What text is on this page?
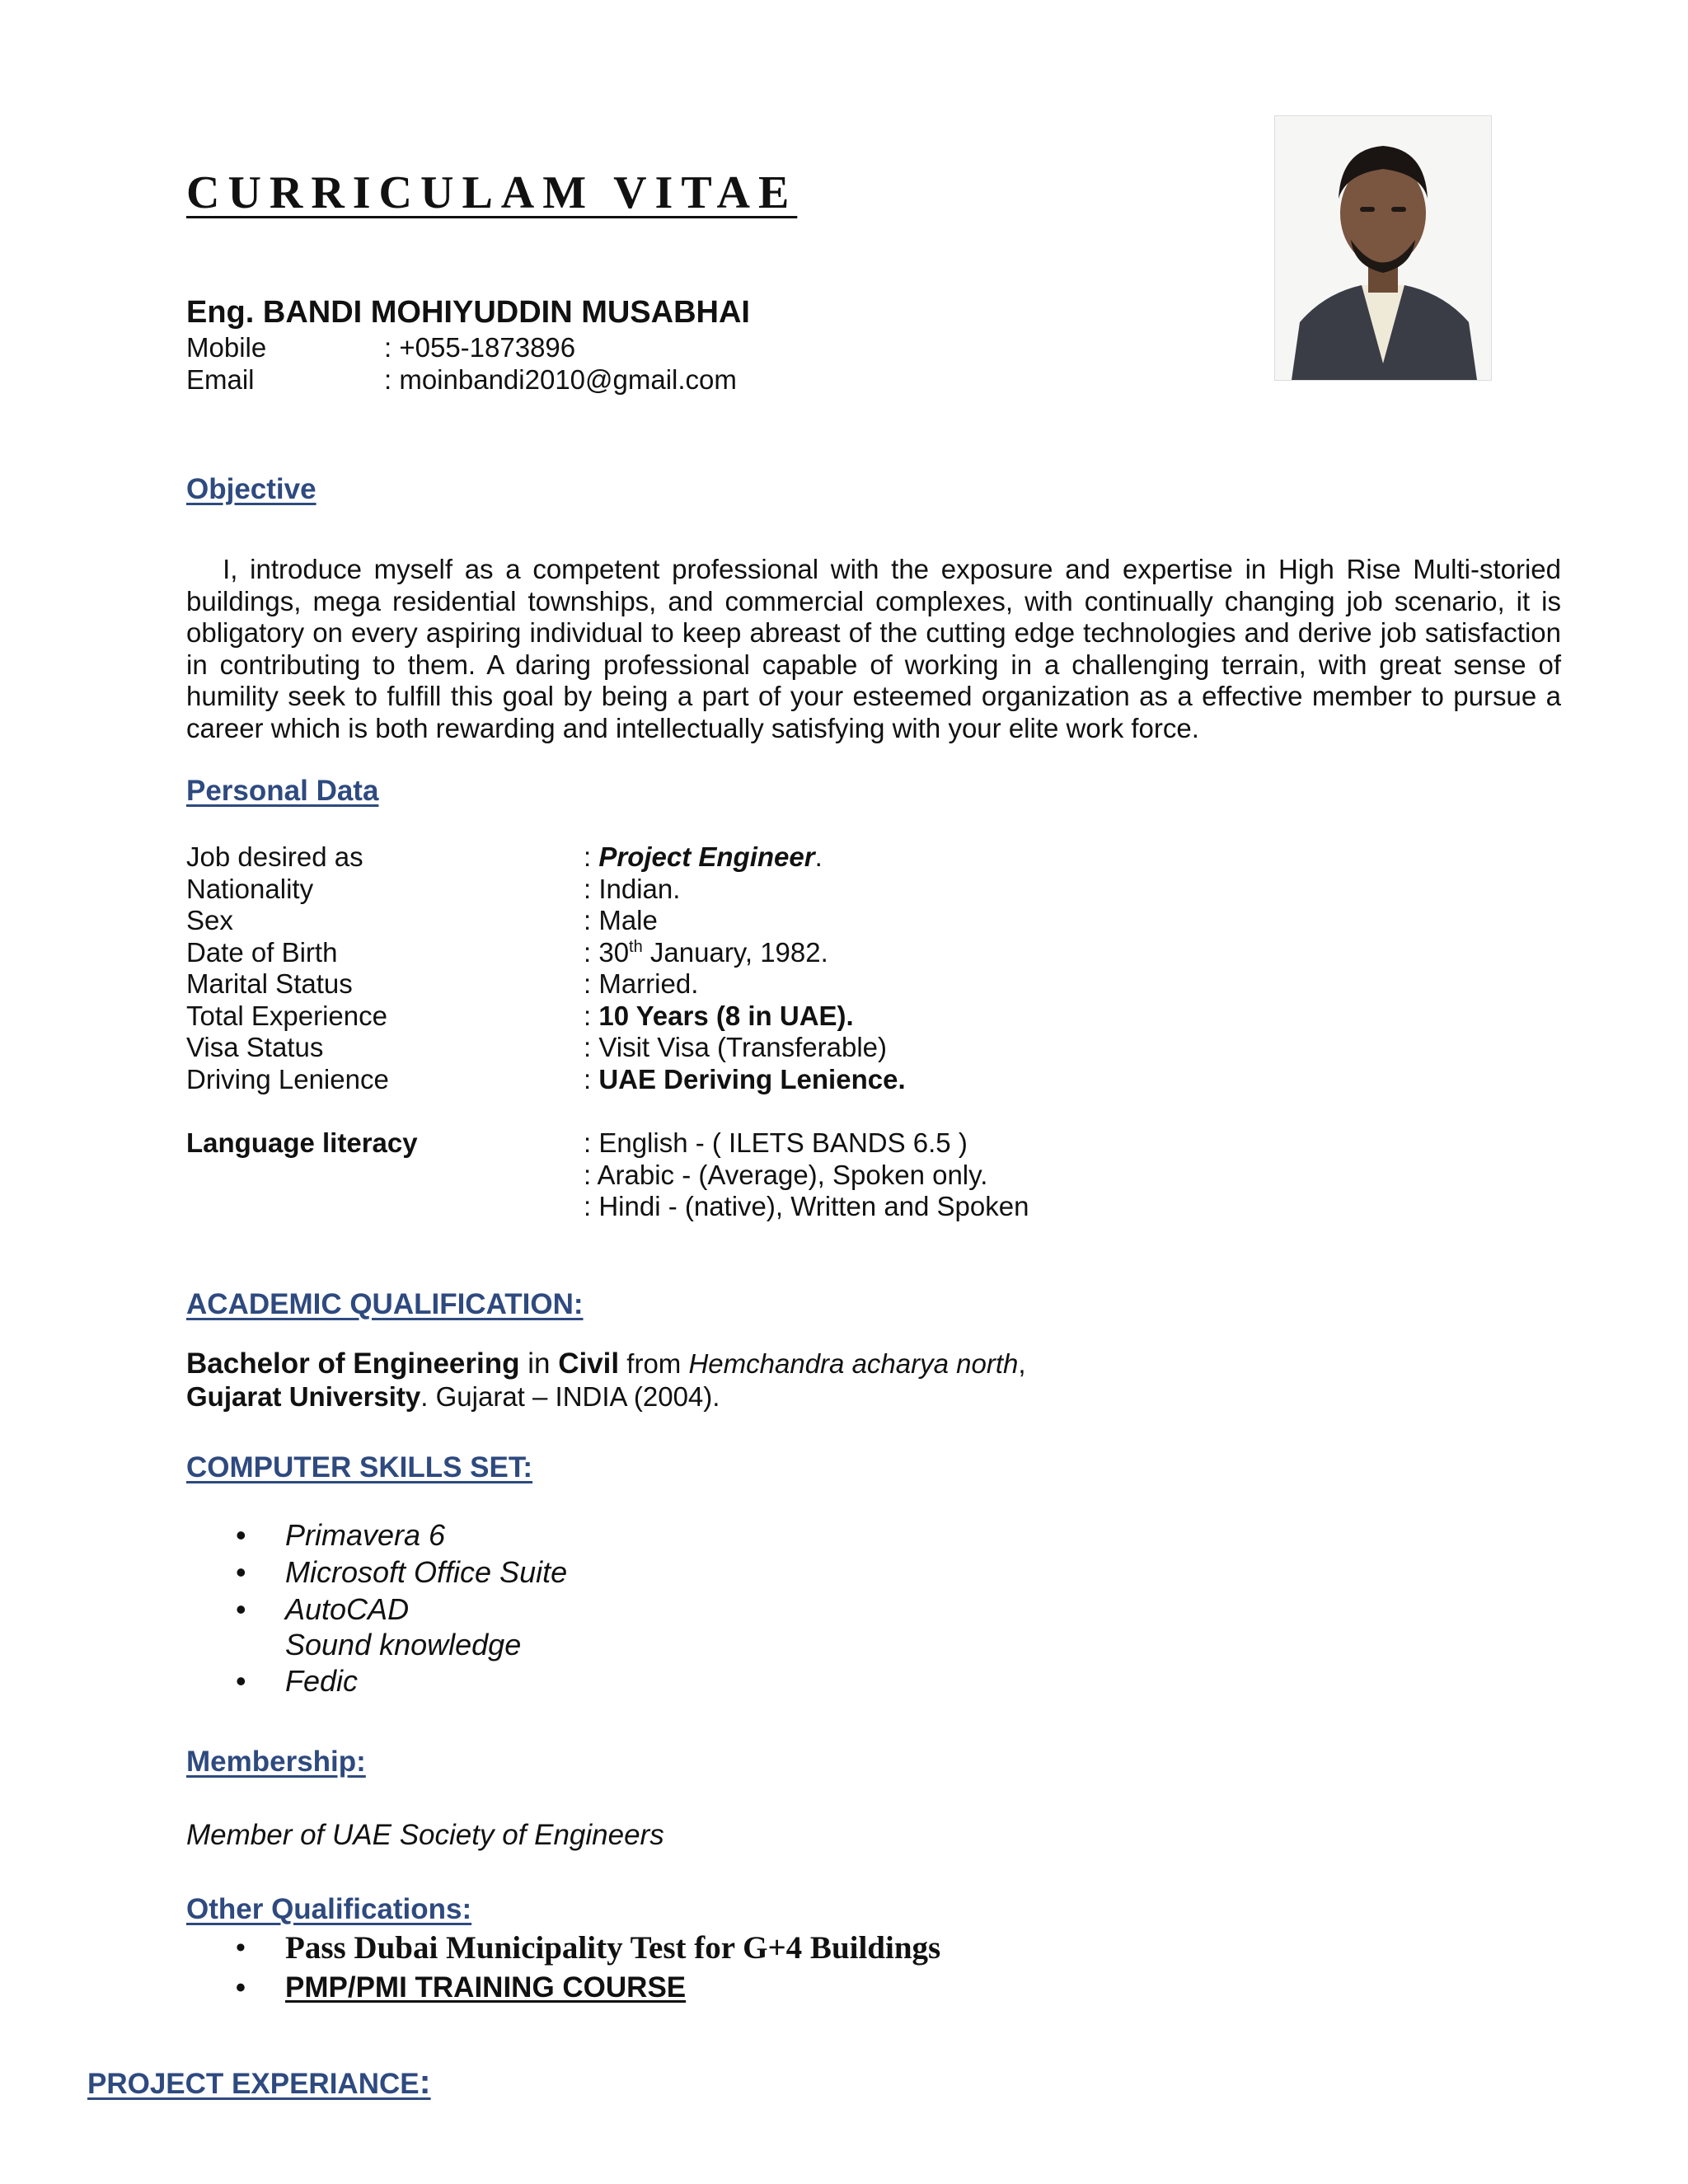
CURRICULAM VITAE
Eng. BANDI MOHIYUDDIN MUSABHAI
Mobile	: +055-1873896
Email	: moinbandi2010@gmail.com
Objective

I, introduce myself as a competent professional with the exposure and expertise in High Rise Multi-storied buildings, mega residential townships, and commercial complexes, with continually changing job scenario, it is obligatory on every aspiring individual to keep abreast of the cutting edge technologies and derive job satisfaction in contributing to them. A daring professional capable of working in a challenging terrain, with great sense of humility seek to fulfill this goal by being a part of your esteemed organization as a effective member to pursue a career which is both rewarding and intellectually satisfying with your elite work force.

Personal Data
Job desired as	: Project Engineer.
Nationality	: Indian.
Sex	: Male
Date of Birth	: 30th January, 1982.
Marital Status	: Married.
Total Experience	: 10 Years (8 in UAE).
Visa Status	: Visit Visa (Transferable)
Driving Lenience	: UAE Deriving Lenience.
Language literacy	: English - ( ILETS BANDS 6.5 )
: Arabic - (Average), Spoken only.
: Hindi - (native), Written and Spoken
ACADEMIC QUALIFICATION:
Bachelor of Engineering in Civil from Hemchandra acharya north,
Gujarat University. Gujarat – INDIA (2004).
COMPUTER SKILLS SET:
• Primavera 6
• Microsoft Office Suite
• AutoCAD
Sound knowledge
• Fedic
Membership:

Member of UAE Society of Engineers

Other Qualifications:
• Pass Dubai Municipality Test for G+4 Buildings
• PMP/PMI TRAINING COURSE
PROJECT EXPERIANCE:
